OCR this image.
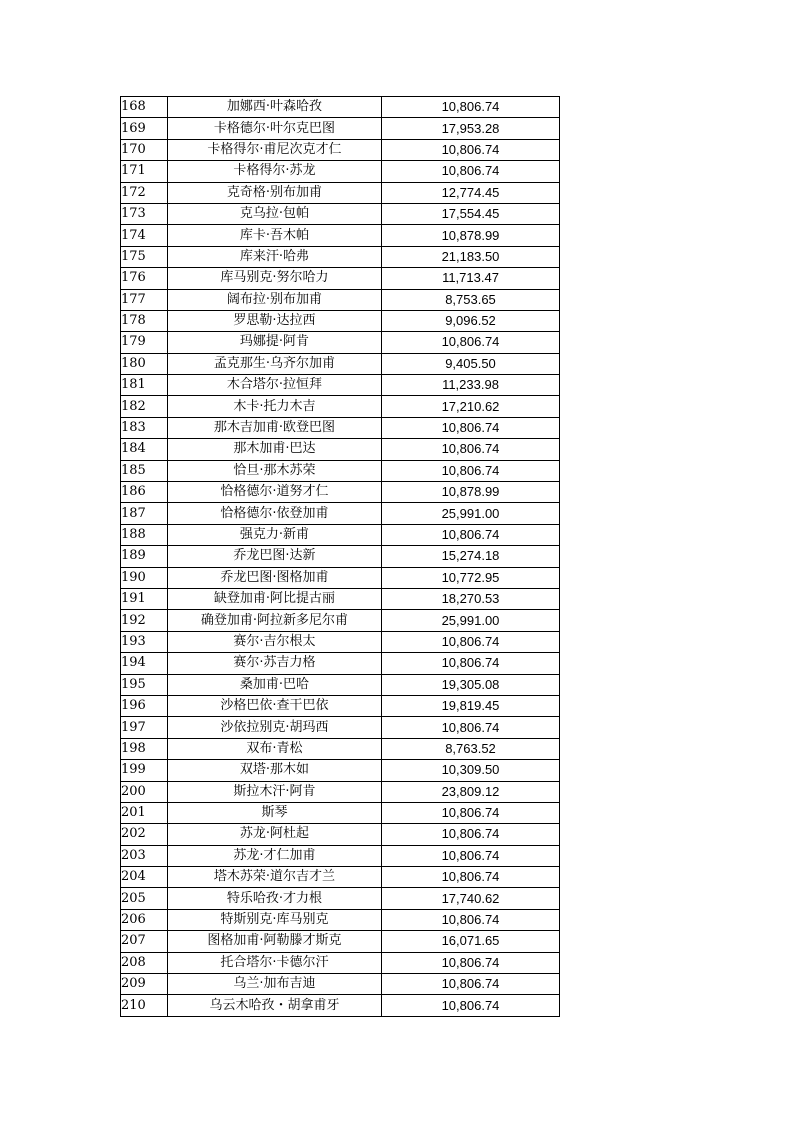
168	加娜西·叶森哈孜	10,806.74
169	卡格德尔·叶尔克巴图	17,953.28
170	卡格得尔·甫尼次克才仁	10,806.74
171	卡格得尔·苏龙	10,806.74
172	克奇格·别布加甫	12,774.45
173	克乌拉·包帕	17,554.45
174	库卡·吾木帕	10,878.99
175	库来汗·哈弗	21,183.50
176	库马别克·努尔哈力	11,713.47
177	阔布拉·别布加甫	8,753.65
178	罗思勒·达拉西	9,096.52
179	玛娜提·阿肯	10,806.74
180	孟克那生·乌齐尔加甫	9,405.50
181	木合塔尔·拉恒拜	11,233.98
182	木卡·托力木吉	17,210.62
183	那木吉加甫·欧登巴图	10,806.74
184	那木加甫·巴达	10,806.74
185	恰旦·那木苏荣	10,806.74
186	恰格德尔·道努才仁	10,878.99
187	恰格德尔·依登加甫	25,991.00
188	强克力·新甫	10,806.74
189	乔龙巴图·达新	15,274.18
190	乔龙巴图·图格加甫	10,772.95
191	缺登加甫·阿比提古丽	18,270.53
192	确登加甫·阿拉新多尼尔甫	25,991.00
193	赛尔·吉尔根太	10,806.74
194	赛尔·苏吉力格	10,806.74
195	桑加甫·巴哈	19,305.08
196	沙格巴依·查干巴依	19,819.45
197	沙依拉别克·胡玛西	10,806.74
198	双布·青松	8,763.52
199	双塔·那木如	10,309.50
200	斯拉木汗·阿肯	23,809.12
201	斯琴	10,806.74
202	苏龙·阿杜起	10,806.74
203	苏龙·才仁加甫	10,806.74
204	塔木苏荣·道尔吉才兰	10,806.74
205	特乐哈孜·才力根	17,740.62
206	特斯别克·库马别克	10,806.74
207	图格加甫·阿勒滕才斯克	16,071.65
208	托合塔尔·卡德尔汗	10,806.74
209	乌兰·加布吉迪	10,806.74
210	乌云木哈孜・胡拿甫牙	10,806.74
